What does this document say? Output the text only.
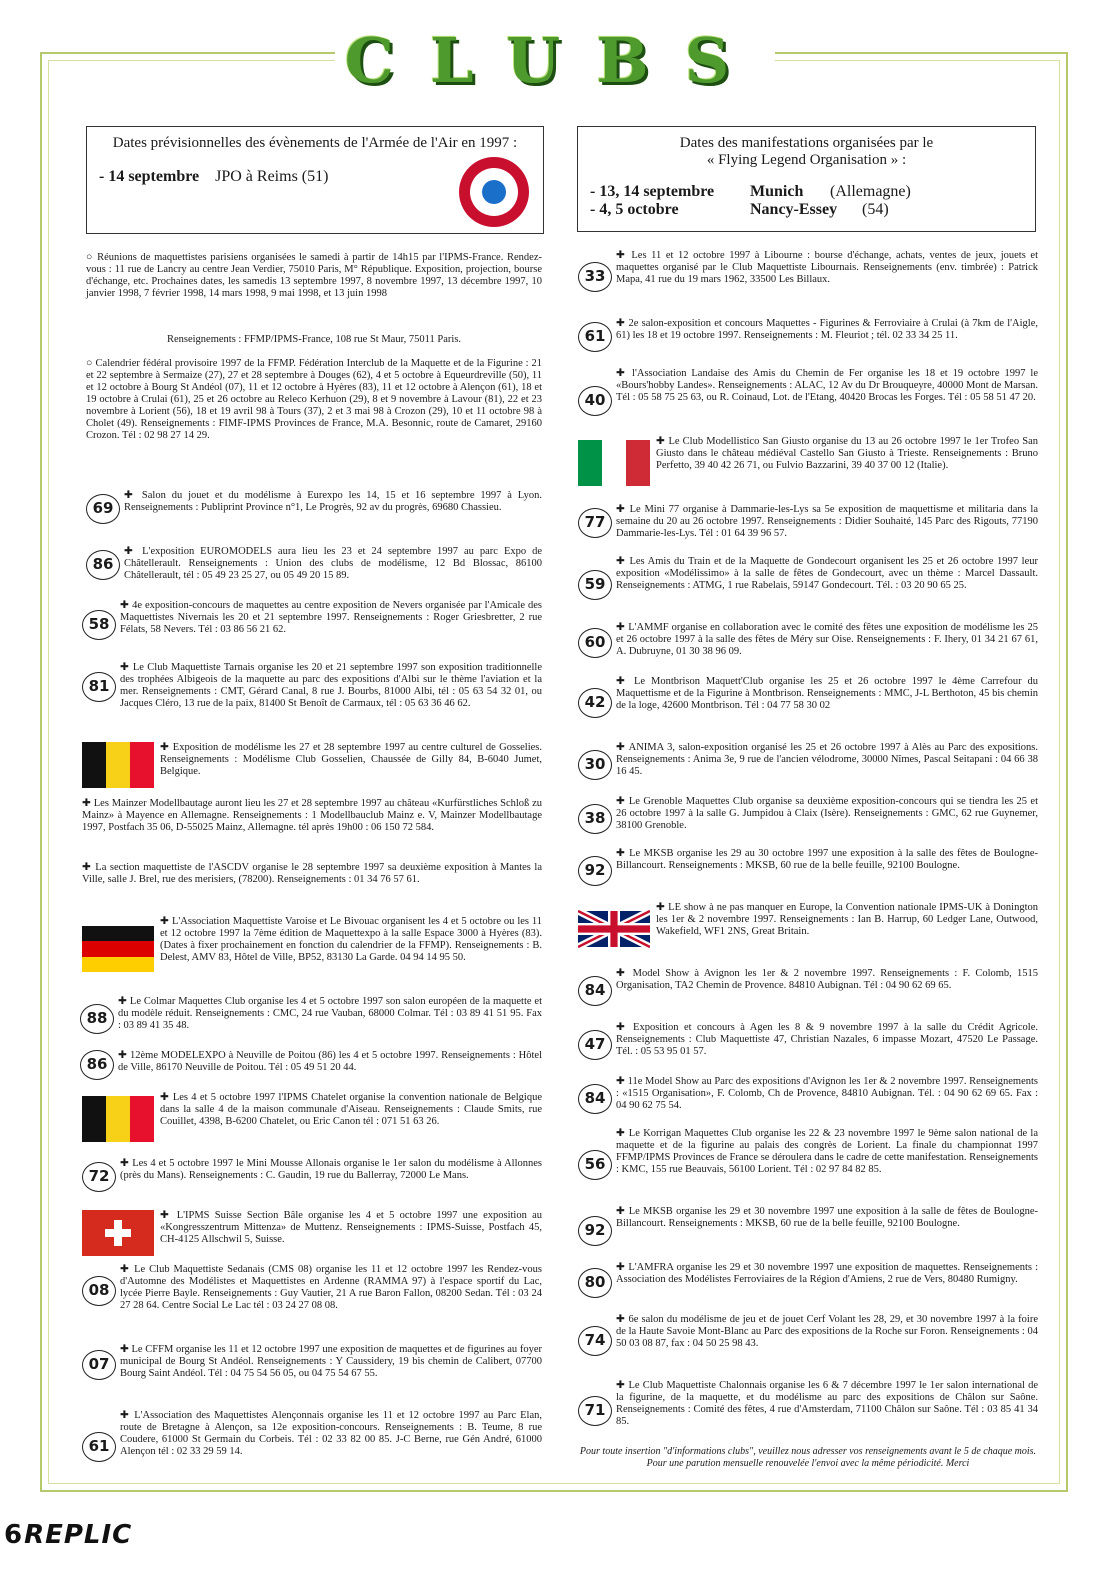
CLUBS
Dates prévisionnelles des évènements de l'Armée de l'Air en 1997 :
- 14 septembre JPO à Reims (51)
Dates des manifestations organisées par le
« Flying Legend Organisation » :
- 13, 14 septembre	Munich	(Allemagne)
- 4, 5 octobre	Nancy-Essey	(54)
○ Réunions de maquettistes parisiens organisées le samedi à partir de 14h15 par l'IPMS-France. Rendez-vous : 11 rue de Lancry au centre Jean Verdier, 75010 Paris, M° République. Exposition, projection, bourse d'échange, etc. Prochaines dates, les samedis 13 septembre 1997, 8 novembre 1997, 13 décembre 1997, 10 janvier 1998, 7 février 1998, 14 mars 1998, 9 mai 1998, et 13 juin 1998
Renseignements : FFMP/IPMS-France, 108 rue St Maur, 75011 Paris.
○ Calendrier fédéral provisoire 1997 de la FFMP. Fédération Interclub de la Maquette et de la Figurine : 21 et 22 septembre à Sermaize (27), 27 et 28 septembre à Douges (62), 4 et 5 octobre à Equeurdreville (50), 11 et 12 octobre à Bourg St Andéol (07), 11 et 12 octobre à Hyères (83), 11 et 12 octobre à Alençon (61), 18 et 19 octobre à Crulai (61), 25 et 26 octobre au Releco Kerhuon (29), 8 et 9 novembre à Lavour (81), 22 et 23 novembre à Lorient (56), 18 et 19 avril 98 à Tours (37), 2 et 3 mai 98 à Crozon (29), 10 et 11 octobre 98 à Cholet (49). Renseignements : FIMF-IPMS Provinces de France, M.A. Besonnic, route de Camaret, 29160 Crozon. Tél : 02 98 27 14 29.
69
✚ Salon du jouet et du modélisme à Eurexpo les 14, 15 et 16 septembre 1997 à Lyon. Renseignements : Publiprint Province n°1, Le Progrès, 92 av du progrès, 69680 Chassieu.
86
✚ L'exposition EUROMODELS aura lieu les 23 et 24 septembre 1997 au parc Expo de Châtellerault. Renseignements : Union des clubs de modélisme, 12 Bd Blossac, 86100 Châtellerault, tél : 05 49 23 25 27, ou 05 49 20 15 89.
58
✚ 4e exposition-concours de maquettes au centre exposition de Nevers organisée par l'Amicale des Maquettistes Nivernais les 20 et 21 septembre 1997. Renseignements : Roger Griesbretter, 2 rue Félats, 58 Nevers. Tél : 03 86 56 21 62.
81
✚ Le Club Maquettiste Tarnais organise les 20 et 21 septembre 1997 son exposition traditionnelle des trophées Albigeois de la maquette au parc des expositions d'Albi sur le thème l'aviation et la mer. Renseignements : CMT, Gérard Canal, 8 rue J. Bourbs, 81000 Albi, tél : 05 63 54 32 01, ou Jacques Cléro, 13 rue de la paix, 81400 St Benoît de Carmaux, tél : 05 63 36 46 62.
✚ Exposition de modélisme les 27 et 28 septembre 1997 au centre culturel de Gosselies. Renseignements : Modélisme Club Gosselien, Chaussée de Gilly 84, B-6040 Jumet, Belgique.
✚ Les Mainzer Modellbautage auront lieu les 27 et 28 septembre 1997 au château «Kurfürstliches Schloß zu Mainz» à Mayence en Allemagne. Renseignements : 1 Modellbauclub Mainz e. V, Mainzer Modellbautage 1997, Postfach 35 06, D-55025 Mainz, Allemagne. tél après 19h00 : 06 150 72 584.
✚ La section maquettiste de l'ASCDV organise le 28 septembre 1997 sa deuxième exposition à Mantes la Ville, salle J. Brel, rue des merisiers, (78200). Renseignements : 01 34 76 57 61.
✚ L'Association Maquettiste Varoise et Le Bivouac organisent les 4 et 5 octobre ou les 11 et 12 octobre 1997 la 7ème édition de Maquettexpo à la salle Espace 3000 à Hyères (83). (Dates à fixer prochainement en fonction du calendrier de la FFMP). Renseignements : B. Delest, AMV 83, Hôtel de Ville, BP52, 83130 La Garde. 04 94 14 95 50.
88
✚ Le Colmar Maquettes Club organise les 4 et 5 octobre 1997 son salon européen de la maquette et du modèle réduit. Renseignements : CMC, 24 rue Vauban, 68000 Colmar. Tél : 03 89 41 51 95. Fax : 03 89 41 35 48.
86	✚ 12ème MODELEXPO à Neuville de Poitou (86) les 4 et 5 octobre 1997. Renseignements : Hôtel de Ville, 86170 Neuville de Poitou. Tél : 05 49 51 20 44.
✚ Les 4 et 5 octobre 1997 l'IPMS Chatelet organise la convention nationale de Belgique dans la salle 4 de la maison communale d'Aiseau. Renseignements : Claude Smits, rue Couillet, 4398, B-6200 Chatelet, ou Eric Canon tél : 071 51 63 26.
72
✚ Les 4 et 5 octobre 1997 le Mini Mousse Allonais organise le 1er salon du modélisme à Allonnes (près du Mans). Renseignements : C. Gaudin, 19 rue du Ballerray, 72000 Le Mans.
✚ L'IPMS Suisse Section Bâle organise les 4 et 5 octobre 1997 une exposition au «Kongresszentrum Mittenza» de Muttenz. Renseignements : IPMS-Suisse, Postfach 45, CH-4125 Allschwil 5, Suisse.
08
✚ Le Club Maquettiste Sedanais (CMS 08) organise les 11 et 12 octobre 1997 les Rendez-vous d'Automne des Modélistes et Maquettistes en Ardenne (RAMMA 97) à l'espace sportif du Lac, lycée Pierre Bayle. Renseignements : Guy Vautier, 21 A rue Baron Fallon, 08200 Sedan. Tél : 03 24 27 28 64. Centre Social Le Lac tél : 03 24 27 08 08.
07
✚ Le CFFM organise les 11 et 12 octobre 1997 une exposition de maquettes et de figurines au foyer municipal de Bourg St Andéol. Renseignements : Y Caussidery, 19 bis chemin de Calibert, 07700 Bourg Saint Andéol. Tél : 04 75 54 56 05, ou 04 75 54 67 55.
61
✚ L'Association des Maquettistes Alençonnais organise les 11 et 12 octobre 1997 au Parc Elan, route de Bretagne à Alençon, sa 12e exposition-concours. Renseignements : B. Teume, 8 rue Coudere, 61000 St Germain du Corbeis. Tél : 02 33 82 00 85. J-C Berne, rue Gén André, 61000 Alençon tél : 02 33 29 59 14.
33
✚ Les 11 et 12 octobre 1997 à Libourne : bourse d'échange, achats, ventes de jeux, jouets et maquettes organisé par le Club Maquettiste Libournais. Renseignements (env. timbrée) : Patrick Mapa, 41 rue du 19 mars 1962, 33500 Les Billaux.
61
✚ 2e salon-exposition et concours Maquettes - Figurines & Ferroviaire à Crulai (à 7km de l'Aigle, 61) les 18 et 19 octobre 1997. Renseignements : M. Fleuriot ; tél. 02 33 34 25 11.
40
✚ l'Association Landaise des Amis du Chemin de Fer organise les 18 et 19 octobre 1997 le «Bours'hobby Landes». Renseignements : ALAC, 12 Av du Dr Brouqueyre, 40000 Mont de Marsan. Tél : 05 58 75 25 63, ou R. Coinaud, Lot. de l'Etang, 40420 Brocas les Forges. Tél : 05 58 51 47 20.
✚ Le Club Modellistico San Giusto organise du 13 au 26 octobre 1997 le 1er Trofeo San Giusto dans le château médiéval Castello San Giusto à Trieste. Renseignements : Bruno Perfetto, 39 40 42 26 71, ou Fulvio Bazzarini, 39 40 37 00 12 (Italie).
77
✚ Le Mini 77 organise à Dammarie-les-Lys sa 5e exposition de maquettisme et militaria dans la semaine du 20 au 26 octobre 1997. Renseignements : Didier Souhaité, 145 Parc des Rigouts, 77190 Dammarie-les-Lys. Tél : 01 64 39 96 57.
59
✚ Les Amis du Train et de la Maquette de Gondecourt organisent les 25 et 26 octobre 1997 leur exposition «Modélissimo» à la salle de fêtes de Gondecourt, avec un thème : Marcel Dassault. Renseignements : ATMG, 1 rue Rabelais, 59147 Gondecourt. Tél. : 03 20 90 65 25.
60
✚ L'AMMF organise en collaboration avec le comité des fêtes une exposition de modélisme les 25 et 26 octobre 1997 à la salle des fêtes de Méry sur Oise. Renseignements : F. Ihery, 01 34 21 67 61, A. Dubruyne, 01 30 38 96 09.
42
✚ Le Montbrison Maquett'Club organise les 25 et 26 octobre 1997 le 4ème Carrefour du Maquettisme et de la Figurine à Montbrison. Renseignements : MMC, J-L Berthoton, 45 bis chemin de la loge, 42600 Montbrison. Tél : 04 77 58 30 02
30
✚ ANIMA 3, salon-exposition organisé les 25 et 26 octobre 1997 à Alès au Parc des expositions. Renseignements : Anima 3e, 9 rue de l'ancien vélodrome, 30000 Nîmes, Pascal Seitapani : 04 66 38 16 45.
38
✚ Le Grenoble Maquettes Club organise sa deuxième exposition-concours qui se tiendra les 25 et 26 octobre 1997 à la salle G. Jumpidou à Claix (Isère). Renseignements : GMC, 62 rue Guynemer, 38100 Grenoble.
92
✚ Le MKSB organise les 29 au 30 octobre 1997 une exposition à la salle des fêtes de Boulogne-Billancourt. Renseignements : MKSB, 60 rue de la belle feuille, 92100 Boulogne.
✚ LE show à ne pas manquer en Europe, la Convention nationale IPMS-UK à Donington les 1er & 2 novembre 1997. Renseignements : Ian B. Harrup, 60 Ledger Lane, Outwood, Wakefield, WF1 2NS, Great Britain.
84
✚ Model Show à Avignon les 1er & 2 novembre 1997. Renseignements : F. Colomb, 1515 Organisation, TA2 Chemin de Provence. 84810 Aubignan. Tél : 04 90 62 69 65.
47
✚ Exposition et concours à Agen les 8 & 9 novembre 1997 à la salle du Crédit Agricole. Renseignements : Club Maquettiste 47, Christian Nazales, 6 impasse Mozart, 47520 Le Passage. Tél. : 05 53 95 01 57.
84
✚ 11e Model Show au Parc des expositions d'Avignon les 1er & 2 novembre 1997. Renseignements : «1515 Organisation», F. Colomb, Ch de Provence, 84810 Aubignan. Tél. : 04 90 62 69 65. Fax : 04 90 62 75 54.
56
✚ Le Korrigan Maquettes Club organise les 22 & 23 novembre 1997 le 9ème salon national de la maquette et de la figurine au palais des congrès de Lorient. La finale du championnat 1997 FFMP/IPMS Provinces de France se déroulera dans le cadre de cette manifestation. Renseignements : KMC, 155 rue Beauvais, 56100 Lorient. Tél : 02 97 84 82 85.
92
✚ Le MKSB organise les 29 et 30 novembre 1997 une exposition à la salle de fêtes de Boulogne-Billancourt. Renseignements : MKSB, 60 rue de la belle feuille, 92100 Boulogne.
80
✚ L'AMFRA organise les 29 et 30 novembre 1997 une exposition de maquettes. Renseignements : Association des Modélistes Ferroviaires de la Région d'Amiens, 2 rue de Vers, 80480 Rumigny.
74
✚ 6e salon du modélisme de jeu et de jouet Cerf Volant les 28, 29, et 30 novembre 1997 à la foire de la Haute Savoie Mont-Blanc au Parc des expositions de la Roche sur Foron. Renseignements : 04 50 03 08 87, fax : 04 50 25 98 43.
71
✚ Le Club Maquettiste Chalonnais organise les 6 & 7 décembre 1997 le 1er salon international de la figurine, de la maquette, et du modélisme au parc des expositions de Châlon sur Saône. Renseignements : Comité des fêtes, 4 rue d'Amsterdam, 71100 Châlon sur Saône. Tél : 03 85 41 34 85.
Pour toute insertion "d'informations clubs", veuillez nous adresser vos renseignements avant le 5 de chaque mois. Pour une parution mensuelle renouvelée l'envoi avec la même périodicité. Merci
6REPLIC
